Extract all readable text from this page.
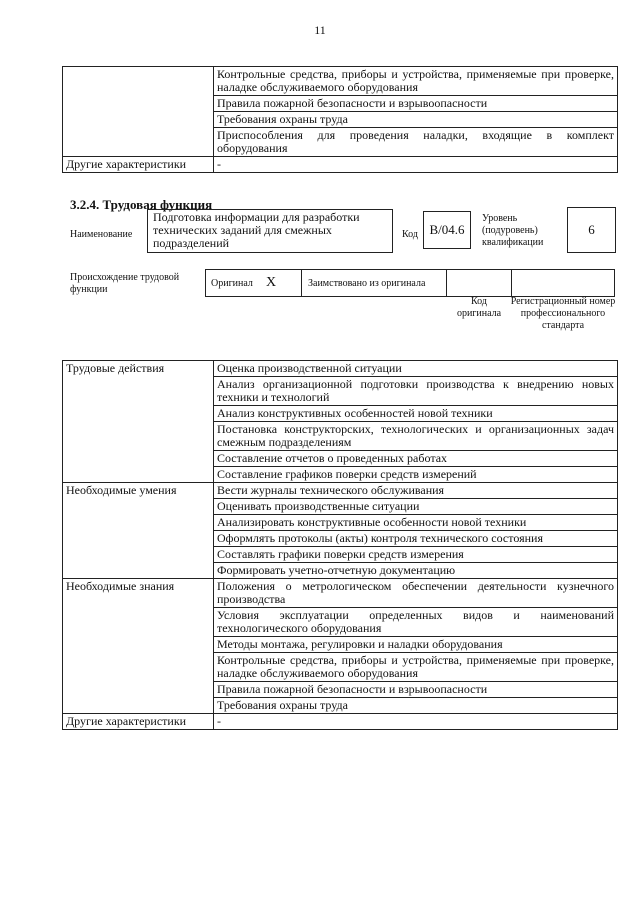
11
	Контрольные средства, приборы и устройства, применяемые при проверке, наладке обслуживаемого оборудования
	Правила пожарной безопасности и взрывоопасности
	Требования охраны труда
	Приспособления для проведения наладки, входящие в комплект оборудования
Другие характеристики	-
3.2.4. Трудовая функция
Наименование
Подготовка информации для разработки технических заданий для смежных подразделений
Код В/04.6
Уровень (подуровень) квалификации
6
Происхождение трудовой функции
Оригинал X	Заимствовано из оригинала
Код оригинала
Регистрационный номер профессионального стандарта
Трудовые действия	Оценка производственной ситуации
	Анализ организационной подготовки производства к внедрению новых техники и технологий
	Анализ конструктивных особенностей новой техники
	Постановка конструкторских, технологических и организационных задач смежным подразделениям
	Составление отчетов о проведенных работах
	Составление графиков поверки средств измерений
Необходимые умения	Вести журналы технического обслуживания
	Оценивать производственные ситуации
	Анализировать конструктивные особенности новой техники
	Оформлять протоколы (акты) контроля технического состояния
	Составлять графики поверки средств измерения
	Формировать учетно-отчетную документацию
Необходимые знания	Положения о метрологическом обеспечении деятельности кузнечного производства
	Условия эксплуатации определенных видов и наименований технологического оборудования
	Методы монтажа, регулировки и наладки оборудования
	Контрольные средства, приборы и устройства, применяемые при проверке, наладке обслуживаемого оборудования
	Правила пожарной безопасности и взрывоопасности
	Требования охраны труда
Другие характеристики	-
